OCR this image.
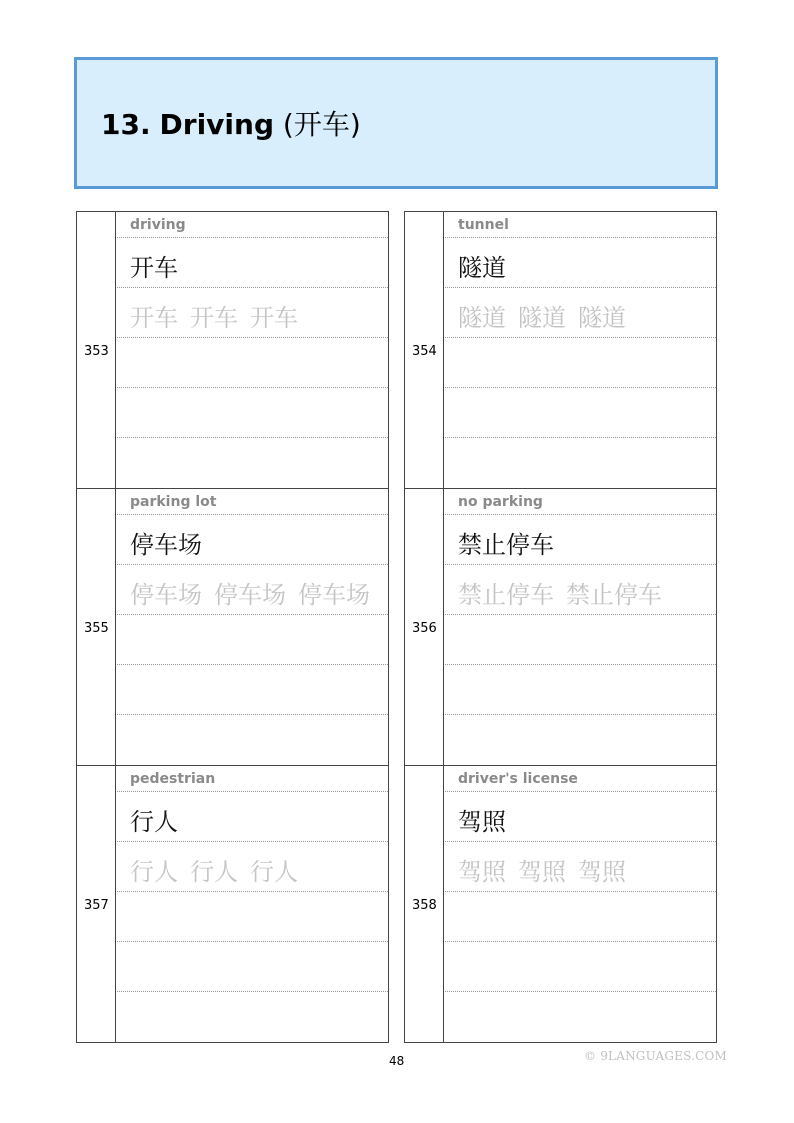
13. Driving (开车)
353
driving
开车
开车 开车 开车
354
tunnel
隧道
隧道 隧道 隧道
355
parking lot
停车场
停车场 停车场 停车场
356
no parking
禁止停车
禁止停车 禁止停车
357
pedestrian
行人
行人 行人 行人
358
driver's license
驾照
驾照 驾照 驾照
48	© 9LANGUAGES.COM
